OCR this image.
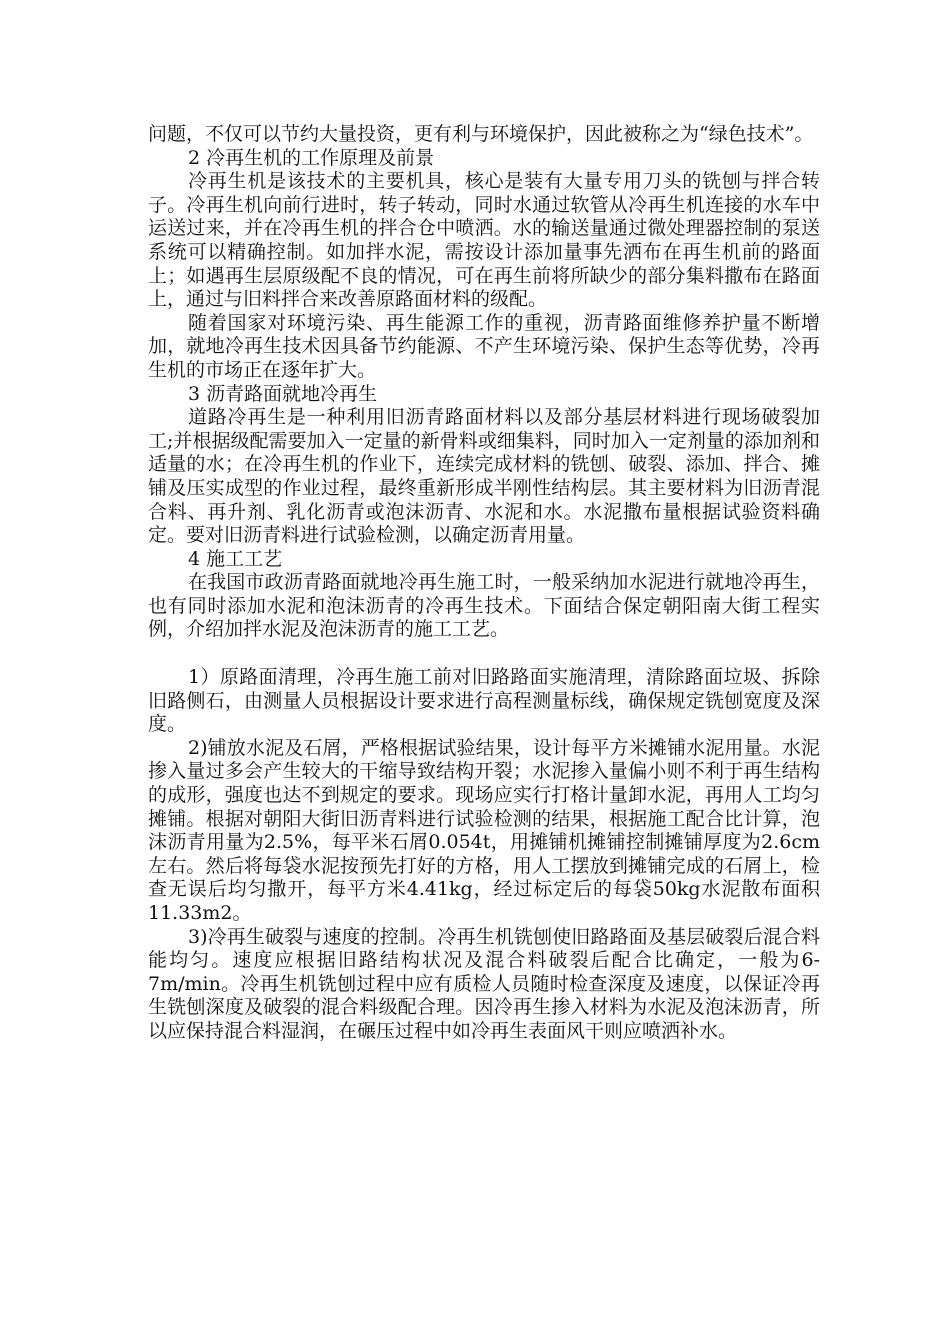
问题，不仅可以节约大量投资，更有利与环境保护，因此被称之为“绿色技术”。

2 冷再生机的工作原理及前景

冷再生机是该技术的主要机具，核心是装有大量专用刀头的铣刨与拌合转子。冷再生机向前行进时，转子转动，同时水通过软管从冷再生机连接的水车中运送过来，并在冷再生机的拌合仓中喷洒。水的输送量通过微处理器控制的泵送系统可以精确控制。如加拌水泥，需按设计添加量事先洒布在再生机前的路面上；如遇再生层原级配不良的情况，可在再生前将所缺少的部分集料撒布在路面上，通过与旧料拌合来改善原路面材料的级配。

随着国家对环境污染、再生能源工作的重视，沥青路面维修养护量不断增加，就地冷再生技术因具备节约能源、不产生环境污染、保护生态等优势，冷再生机的市场正在逐年扩大。

3 沥青路面就地冷再生

道路冷再生是一种利用旧沥青路面材料以及部分基层材料进行现场破裂加工;并根据级配需要加入一定量的新骨料或细集料，同时加入一定剂量的添加剂和适量的水；在冷再生机的作业下，连续完成材料的铣刨、破裂、添加、拌合、摊铺及压实成型的作业过程，最终重新形成半刚性结构层。其主要材料为旧沥青混合料、再升剂、乳化沥青或泡沫沥青、水泥和水。水泥撒布量根据试验资料确定。要对旧沥青料进行试验检测，以确定沥青用量。

4 施工工艺

在我国市政沥青路面就地冷再生施工时，一般采纳加水泥进行就地冷再生，也有同时添加水泥和泡沫沥青的冷再生技术。下面结合保定朝阳南大街工程实例，介绍加拌水泥及泡沫沥青的施工工艺。

1）原路面清理，冷再生施工前对旧路路面实施清理，清除路面垃圾、拆除旧路侧石，由测量人员根据设计要求进行高程测量标线，确保规定铣刨宽度及深度。

2)铺放水泥及石屑，严格根据试验结果，设计每平方米摊铺水泥用量。水泥掺入量过多会产生较大的干缩导致结构开裂；水泥掺入量偏小则不利于再生结构的成形，强度也达不到规定的要求。现场应实行打格计量卸水泥，再用人工均匀摊铺。根据对朝阳大街旧沥青料进行试验检测的结果，根据施工配合比计算，泡沫沥青用量为2.5%，每平米石屑0.054t，用摊铺机摊铺控制摊铺厚度为2.6cm左右。然后将每袋水泥按预先打好的方格，用人工摆放到摊铺完成的石屑上，检查无误后均匀撒开，每平方米4.41kg，经过标定后的每袋50kg水泥散布面积11.33m2。

3)冷再生破裂与速度的控制。冷再生机铣刨使旧路路面及基层破裂后混合料能均匀。速度应根据旧路结构状况及混合料破裂后配合比确定，一般为6-7m/min。冷再生机铣刨过程中应有质检人员随时检查深度及速度，以保证冷再生铣刨深度及破裂的混合料级配合理。因冷再生掺入材料为水泥及泡沫沥青，所以应保持混合料湿润，在碾压过程中如冷再生表面风干则应喷洒补水。
